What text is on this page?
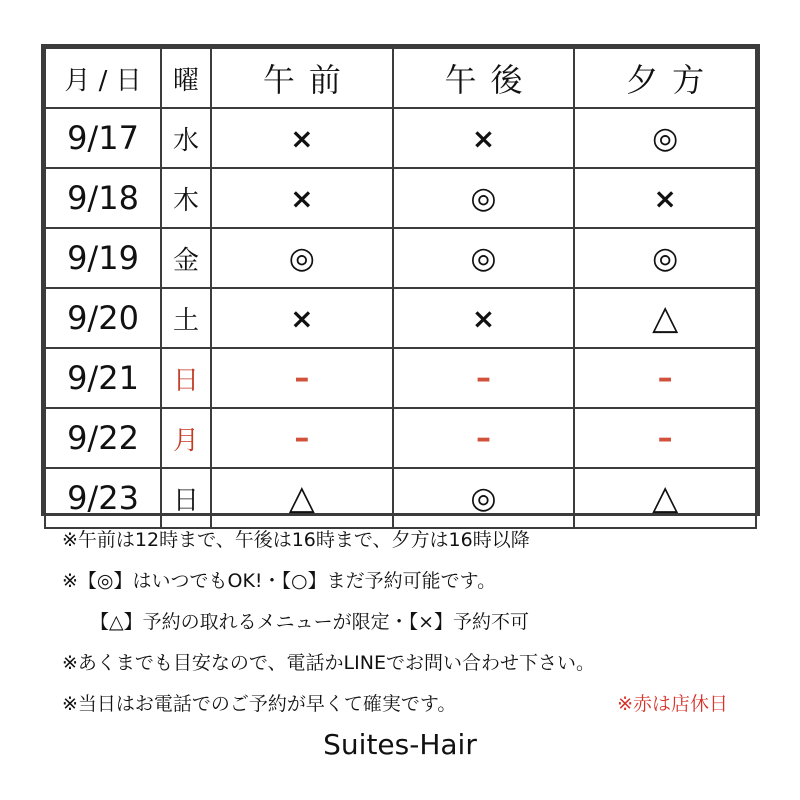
月 / 日	曜	午前	午後	夕方
9/17	水	×	×	◎
9/18	木	×	◎	×
9/19	金	◎	◎	◎
9/20	土	×	×	△
9/21	日	–	–	–
9/22	月	–	–	–
9/23	日	△	◎	△
※午前は12時まで、午後は16時まで、夕方は16時以降
※【◎】はいつでもOK!・【○】まだ予約可能です。
【△】予約の取れるメニューが限定・【×】予約不可
※あくまでも目安なので、電話かLINEでお問い合わせ下さい。
※当日はお電話でのご予約が早くて確実です。	※赤は店休日
Suites-Hair
